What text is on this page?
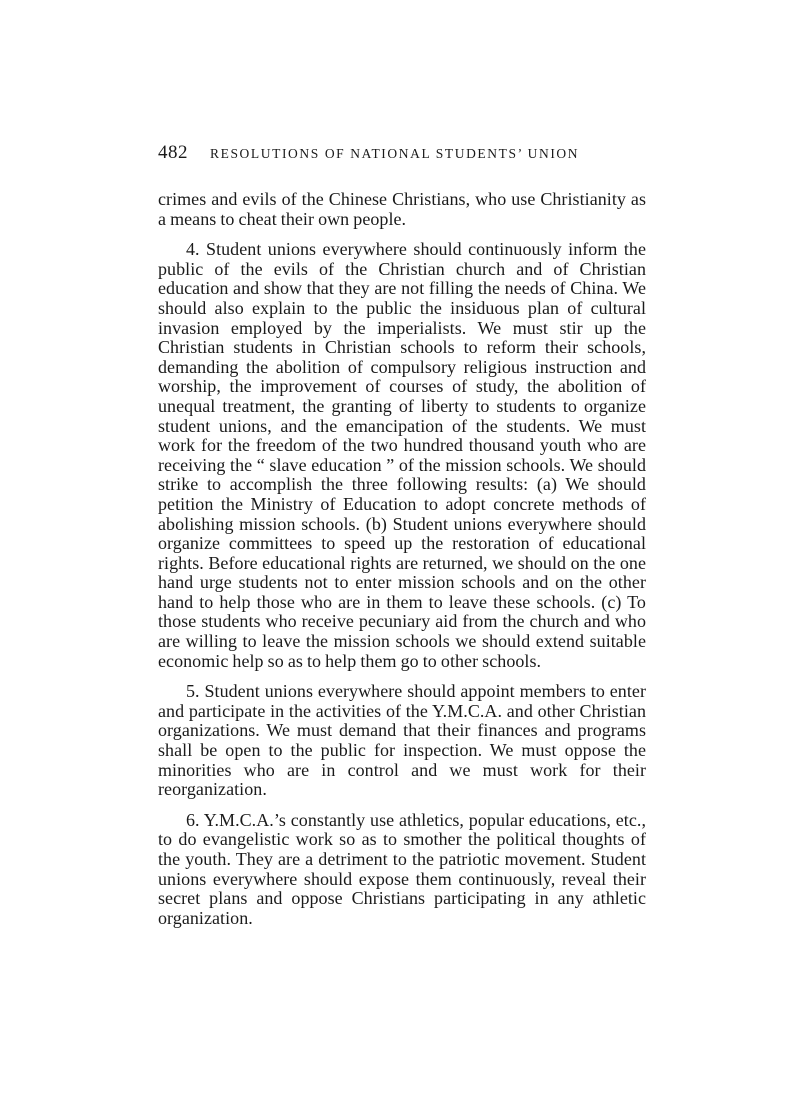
482 RESOLUTIONS OF NATIONAL STUDENTS’ UNION

crimes and evils of the Chinese Christians, who use Christianity as a means to cheat their own people.

4. Student unions everywhere should continuously inform the public of the evils of the Christian church and of Christian education and show that they are not filling the needs of China. We should also explain to the public the insiduous plan of cultural invasion employed by the imperialists. We must stir up the Christian students in Christian schools to reform their schools, demanding the abolition of compulsory religious instruction and worship, the improvement of courses of study, the abolition of unequal treatment, the granting of liberty to students to organize student unions, and the emancipation of the students. We must work for the freedom of the two hundred thousand youth who are receiving the “ slave education ” of the mission schools. We should strike to accomplish the three following results: (a) We should petition the Ministry of Education to adopt concrete methods of abolishing mission schools. (b) Student unions everywhere should organize committees to speed up the restoration of educational rights. Before educational rights are returned, we should on the one hand urge students not to enter mission schools and on the other hand to help those who are in them to leave these schools. (c) To those students who receive pecuniary aid from the church and who are willing to leave the mission schools we should extend suitable economic help so as to help them go to other schools.

5. Student unions everywhere should appoint members to enter and participate in the activities of the Y.M.C.A. and other Christian organizations. We must demand that their finances and programs shall be open to the public for inspection. We must oppose the minorities who are in control and we must work for their reorganization.

6. Y.M.C.A.’s constantly use athletics, popular educations, etc., to do evangelistic work so as to smother the political thoughts of the youth. They are a detriment to the patriotic movement. Student unions everywhere should expose them continuously, reveal their secret plans and oppose Christians participating in any athletic organization.
